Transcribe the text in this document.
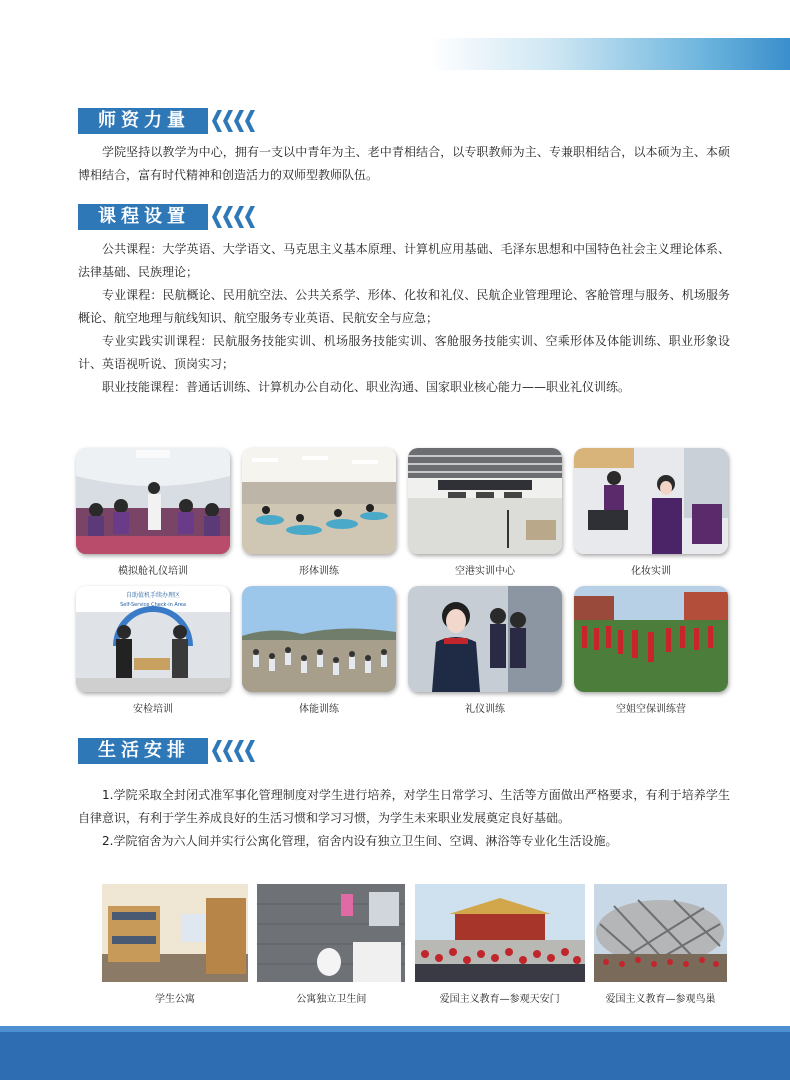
师资力量

学院坚持以教学为中心，拥有一支以中青年为主、老中青相结合，以专职教师为主、专兼职相结合，以本硕为主、本硕博相结合，富有时代精神和创造活力的双师型教师队伍。

课程设置

公共课程：大学英语、大学语文、马克思主义基本原理、计算机应用基础、毛泽东思想和中国特色社会主义理论体系、法律基础、民族理论；

专业课程：民航概论、民用航空法、公共关系学、形体、化妆和礼仪、民航企业管理理论、客舱管理与服务、机场服务概论、航空地理与航线知识、航空服务专业英语、民航安全与应急；

专业实践实训课程：民航服务技能实训、机场服务技能实训、客舱服务技能实训、空乘形体及体能训练、职业形象设计、英语视听说、顶岗实习；

职业技能课程：普通话训练、计算机办公自动化、职业沟通、国家职业核心能力——职业礼仪训练。

模拟舱礼仪培训	形体训练	空港实训中心	化妆实训
自助值机手续办理区
Self-Service Check-in Area
安检培训	体能训练	礼仪训练	空姐空保训练营
生活安排

1.学院采取全封闭式准军事化管理制度对学生进行培养，对学生日常学习、生活等方面做出严格要求，有利于培养学生自律意识，有利于学生养成良好的生活习惯和学习习惯，为学生未来职业发展奠定良好基础。

2.学院宿舍为六人间并实行公寓化管理，宿舍内设有独立卫生间、空调、淋浴等专业化生活设施。

学生公寓	公寓独立卫生间	爱国主义教育—参观天安门	爱国主义教育—参观鸟巢
